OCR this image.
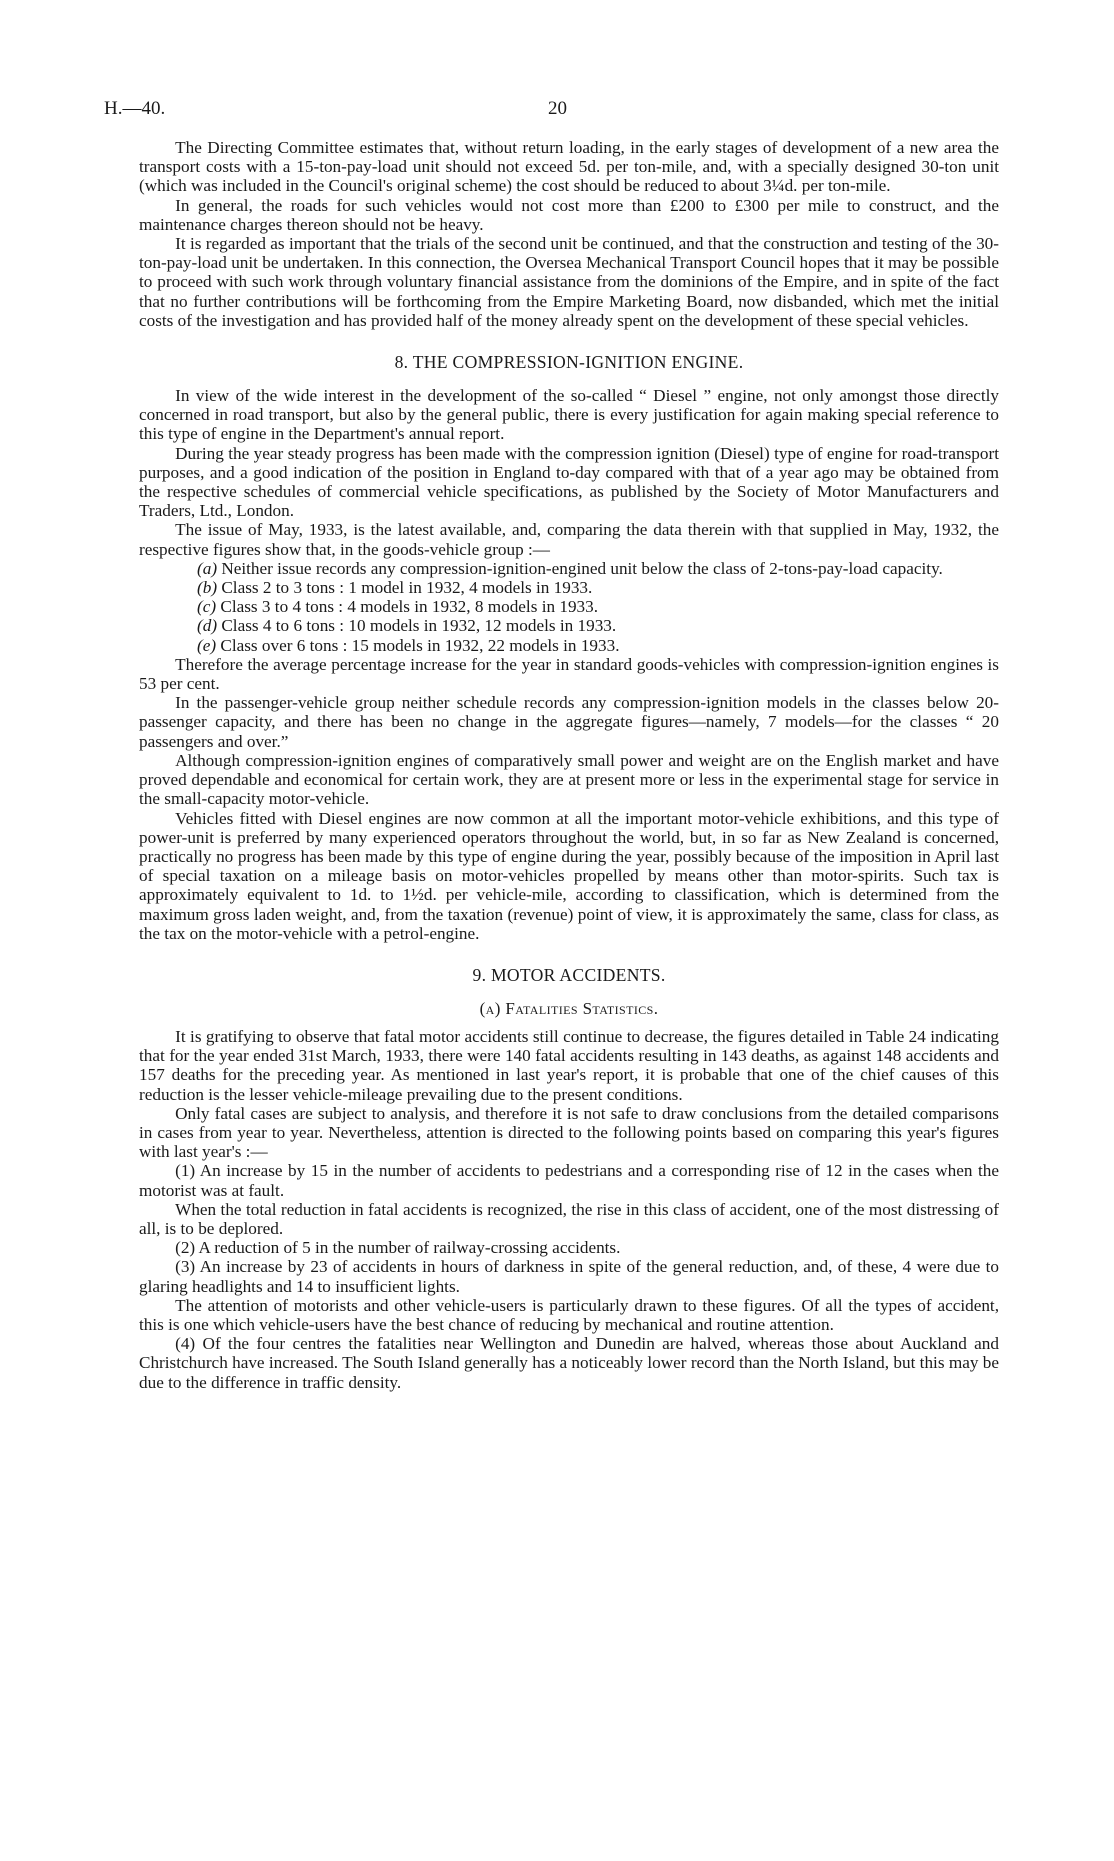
H.—40.	20

The Directing Committee estimates that, without return loading, in the early stages of development of a new area the transport costs with a 15-ton-pay-load unit should not exceed 5d. per ton-mile, and, with a specially designed 30-ton unit (which was included in the Council's original scheme) the cost should be reduced to about 3¼d. per ton-mile.

In general, the roads for such vehicles would not cost more than £200 to £300 per mile to construct, and the maintenance charges thereon should not be heavy.

It is regarded as important that the trials of the second unit be continued, and that the construction and testing of the 30-ton-pay-load unit be undertaken. In this connection, the Oversea Mechanical Transport Council hopes that it may be possible to proceed with such work through voluntary financial assistance from the dominions of the Empire, and in spite of the fact that no further contributions will be forthcoming from the Empire Marketing Board, now disbanded, which met the initial costs of the investigation and has provided half of the money already spent on the development of these special vehicles.

8. THE COMPRESSION-IGNITION ENGINE.

In view of the wide interest in the development of the so-called “ Diesel ” engine, not only amongst those directly concerned in road transport, but also by the general public, there is every justification for again making special reference to this type of engine in the Department's annual report.

During the year steady progress has been made with the compression ignition (Diesel) type of engine for road-transport purposes, and a good indication of the position in England to-day compared with that of a year ago may be obtained from the respective schedules of commercial vehicle specifications, as published by the Society of Motor Manufacturers and Traders, Ltd., London.

The issue of May, 1933, is the latest available, and, comparing the data therein with that supplied in May, 1932, the respective figures show that, in the goods-vehicle group :—

(a) Neither issue records any compression-ignition-engined unit below the class of 2-tons-pay-load capacity.
(b) Class 2 to 3 tons : 1 model in 1932, 4 models in 1933.
(c) Class 3 to 4 tons : 4 models in 1932, 8 models in 1933.
(d) Class 4 to 6 tons : 10 models in 1932, 12 models in 1933.
(e) Class over 6 tons : 15 models in 1932, 22 models in 1933.

Therefore the average percentage increase for the year in standard goods-vehicles with compression-ignition engines is 53 per cent.

In the passenger-vehicle group neither schedule records any compression-ignition models in the classes below 20-passenger capacity, and there has been no change in the aggregate figures—namely, 7 models—for the classes “ 20 passengers and over.”

Although compression-ignition engines of comparatively small power and weight are on the English market and have proved dependable and economical for certain work, they are at present more or less in the experimental stage for service in the small-capacity motor-vehicle.

Vehicles fitted with Diesel engines are now common at all the important motor-vehicle exhibitions, and this type of power-unit is preferred by many experienced operators throughout the world, but, in so far as New Zealand is concerned, practically no progress has been made by this type of engine during the year, possibly because of the imposition in April last of special taxation on a mileage basis on motor-vehicles propelled by means other than motor-spirits. Such tax is approximately equivalent to 1d. to 1½d. per vehicle-mile, according to classification, which is determined from the maximum gross laden weight, and, from the taxation (revenue) point of view, it is approximately the same, class for class, as the tax on the motor-vehicle with a petrol-engine.

9. MOTOR ACCIDENTS.
(a) Fatalities Statistics.

It is gratifying to observe that fatal motor accidents still continue to decrease, the figures detailed in Table 24 indicating that for the year ended 31st March, 1933, there were 140 fatal accidents resulting in 143 deaths, as against 148 accidents and 157 deaths for the preceding year. As mentioned in last year's report, it is probable that one of the chief causes of this reduction is the lesser vehicle-mileage prevailing due to the present conditions.

Only fatal cases are subject to analysis, and therefore it is not safe to draw conclusions from the detailed comparisons in cases from year to year. Nevertheless, attention is directed to the following points based on comparing this year's figures with last year's :—

(1) An increase by 15 in the number of accidents to pedestrians and a corresponding rise of 12 in the cases when the motorist was at fault.

When the total reduction in fatal accidents is recognized, the rise in this class of accident, one of the most distressing of all, is to be deplored.

(2) A reduction of 5 in the number of railway-crossing accidents.

(3) An increase by 23 of accidents in hours of darkness in spite of the general reduction, and, of these, 4 were due to glaring headlights and 14 to insufficient lights.

The attention of motorists and other vehicle-users is particularly drawn to these figures. Of all the types of accident, this is one which vehicle-users have the best chance of reducing by mechanical and routine attention.

(4) Of the four centres the fatalities near Wellington and Dunedin are halved, whereas those about Auckland and Christchurch have increased. The South Island generally has a noticeably lower record than the North Island, but this may be due to the difference in traffic density.
